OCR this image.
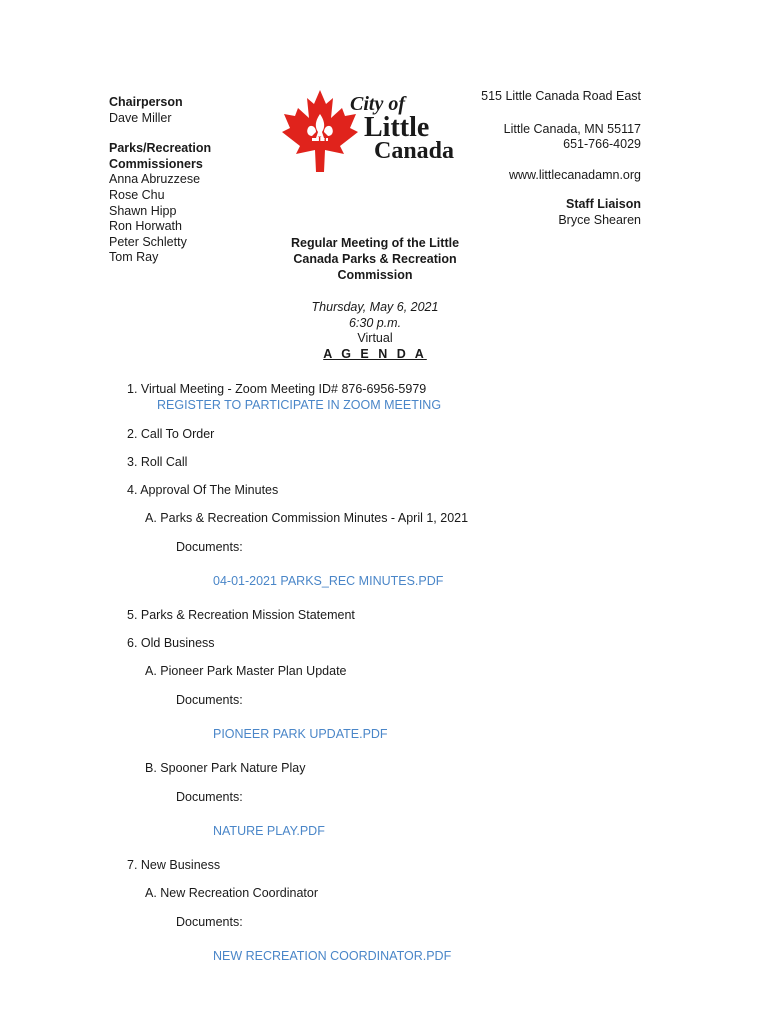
Chairperson
Dave Miller
Parks/Recreation
Commissioners
Anna Abruzzese
Rose Chu
Shawn Hipp
Ron Horwath
Peter Schletty
Tom Ray
LC
City of
Little
Canada
515 Little Canada Road East
Little Canada, MN 55117
651-766-4029
www.littlecanadamn.org
Staff Liaison
Bryce Shearen
Regular Meeting of the Little
Canada Parks & Recreation
Commission
Thursday, May 6, 2021
6:30 p.m.
Virtual
A G E N D A
1. Virtual Meeting - Zoom Meeting ID# 876-6956-5979
REGISTER TO PARTICIPATE IN ZOOM MEETING
2. Call To Order
3. Roll Call
4. Approval Of The Minutes
A. Parks & Recreation Commission Minutes - April 1, 2021
Documents:
04-01-2021 PARKS_REC MINUTES.PDF
5. Parks & Recreation Mission Statement
6. Old Business
A. Pioneer Park Master Plan Update
Documents:
PIONEER PARK UPDATE.PDF
B. Spooner Park Nature Play
Documents:
NATURE PLAY.PDF
7. New Business
A. New Recreation Coordinator
Documents:
NEW RECREATION COORDINATOR.PDF
